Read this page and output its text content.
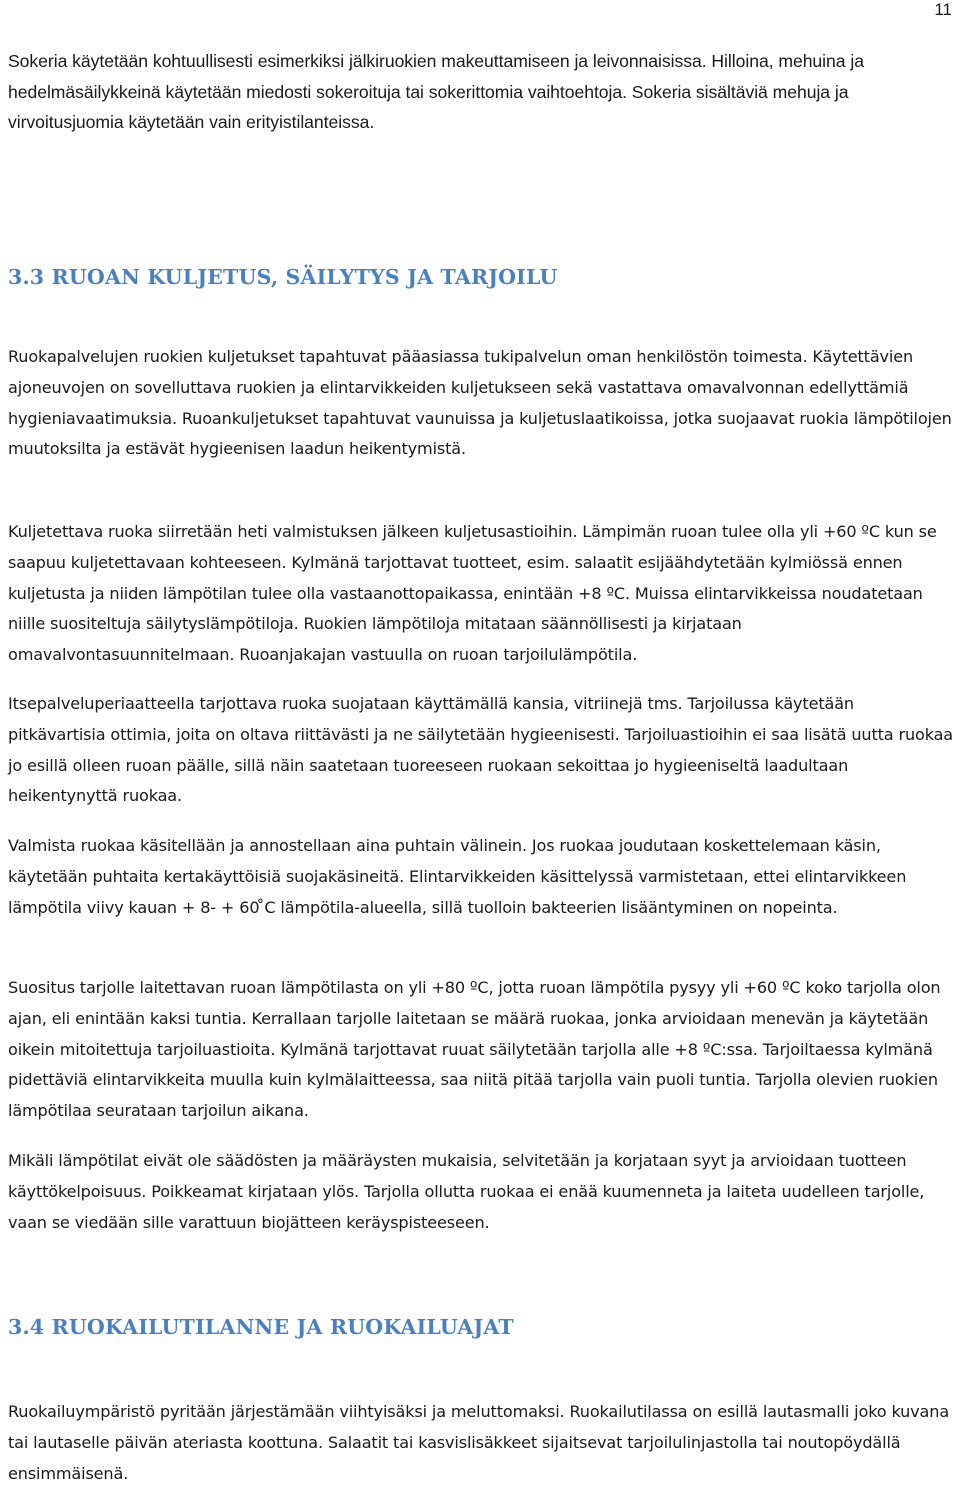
11

Sokeria käytetään kohtuullisesti esimerkiksi jälkiruokien makeuttamiseen ja leivonnaisissa. Hilloina, mehuina ja hedelmäsäilykkeinä käytetään miedosti sokeroituja tai sokerittomia vaihtoehtoja. Sokeria sisältäviä mehuja ja virvoitusjuomia käytetään vain erityistilanteissa.

3.3 RUOAN KULJETUS, SÄILYTYS JA TARJOILU

Ruokapalvelujen ruokien kuljetukset tapahtuvat pääasiassa tukipalvelun oman henkilöstön toimesta. Käytettävien ajoneuvojen on sovelluttava ruokien ja elintarvikkeiden kuljetukseen sekä vastattava omavalvonnan edellyttämiä hygieniavaatimuksia. Ruoankuljetukset tapahtuvat vaunuissa ja kuljetuslaatikoissa, jotka suojaavat ruokia lämpötilojen muutoksilta ja estävät hygieenisen laadun heikentymistä.

Kuljetettava ruoka siirretään heti valmistuksen jälkeen kuljetusastioihin. Lämpimän ruoan tulee olla yli +60 ºC kun se saapuu kuljetettavaan kohteeseen. Kylmänä tarjottavat tuotteet, esim. salaatit esijäähdytetään kylmiössä ennen kuljetusta ja niiden lämpötilan tulee olla vastaanottopaikassa, enintään +8 ºC. Muissa elintarvikkeissa noudatetaan niille suositeltuja säilytyslämpötiloja. Ruokien lämpötiloja mitataan säännöllisesti ja kirjataan omavalvontasuunnitelmaan. Ruoanjakajan vastuulla on ruoan tarjoilulämpötila.

Itsepalveluperiaatteella tarjottava ruoka suojataan käyttämällä kansia, vitriinejä tms. Tarjoilussa käytetään pitkävartisia ottimia, joita on oltava riittävästi ja ne säilytetään hygieenisesti. Tarjoiluastioihin ei saa lisätä uutta ruokaa jo esillä olleen ruoan päälle, sillä näin saatetaan tuoreeseen ruokaan sekoittaa jo hygieeniseltä laadultaan heikentynyttä ruokaa.

Valmista ruokaa käsitellään ja annostellaan aina puhtain välinein. Jos ruokaa joudutaan koskettelemaan käsin, käytetään puhtaita kertakäyttöisiä suojakäsineitä. Elintarvikkeiden käsittelyssä varmistetaan, ettei elintarvikkeen lämpötila viivy kauan + 8- + 60 ̊C lämpötila-alueella, sillä tuolloin bakteerien lisääntyminen on nopeinta.

Suositus tarjolle laitettavan ruoan lämpötilasta on yli +80 ºC, jotta ruoan lämpötila pysyy yli +60 ºC koko tarjolla olon ajan, eli enintään kaksi tuntia. Kerrallaan tarjolle laitetaan se määrä ruokaa, jonka arvioidaan menevän ja käytetään oikein mitoitettuja tarjoiluastioita. Kylmänä tarjottavat ruuat säilytetään tarjolla alle +8 ºC:ssa. Tarjoiltaessa kylmänä pidettäviä elintarvikkeita muulla kuin kylmälaitteessa, saa niitä pitää tarjolla vain puoli tuntia. Tarjolla olevien ruokien lämpötilaa seurataan tarjoilun aikana.

Mikäli lämpötilat eivät ole säädösten ja määräysten mukaisia, selvitetään ja korjataan syyt ja arvioidaan tuotteen käyttökelpoisuus. Poikkeamat kirjataan ylös. Tarjolla ollutta ruokaa ei enää kuumenneta ja laiteta uudelleen tarjolle, vaan se viedään sille varattuun biojätteen keräyspisteeseen.

3.4 RUOKAILUTILANNE JA RUOKAILUAJAT

Ruokailuympäristö pyritään järjestämään viihtyisäksi ja meluttomaksi. Ruokailutilassa on esillä lautasmalli joko kuvana tai lautaselle päivän ateriasta koottuna. Salaatit tai kasvislisäkkeet sijaitsevat tarjoilulinjastolla tai noutopöydällä ensimmäisenä.
